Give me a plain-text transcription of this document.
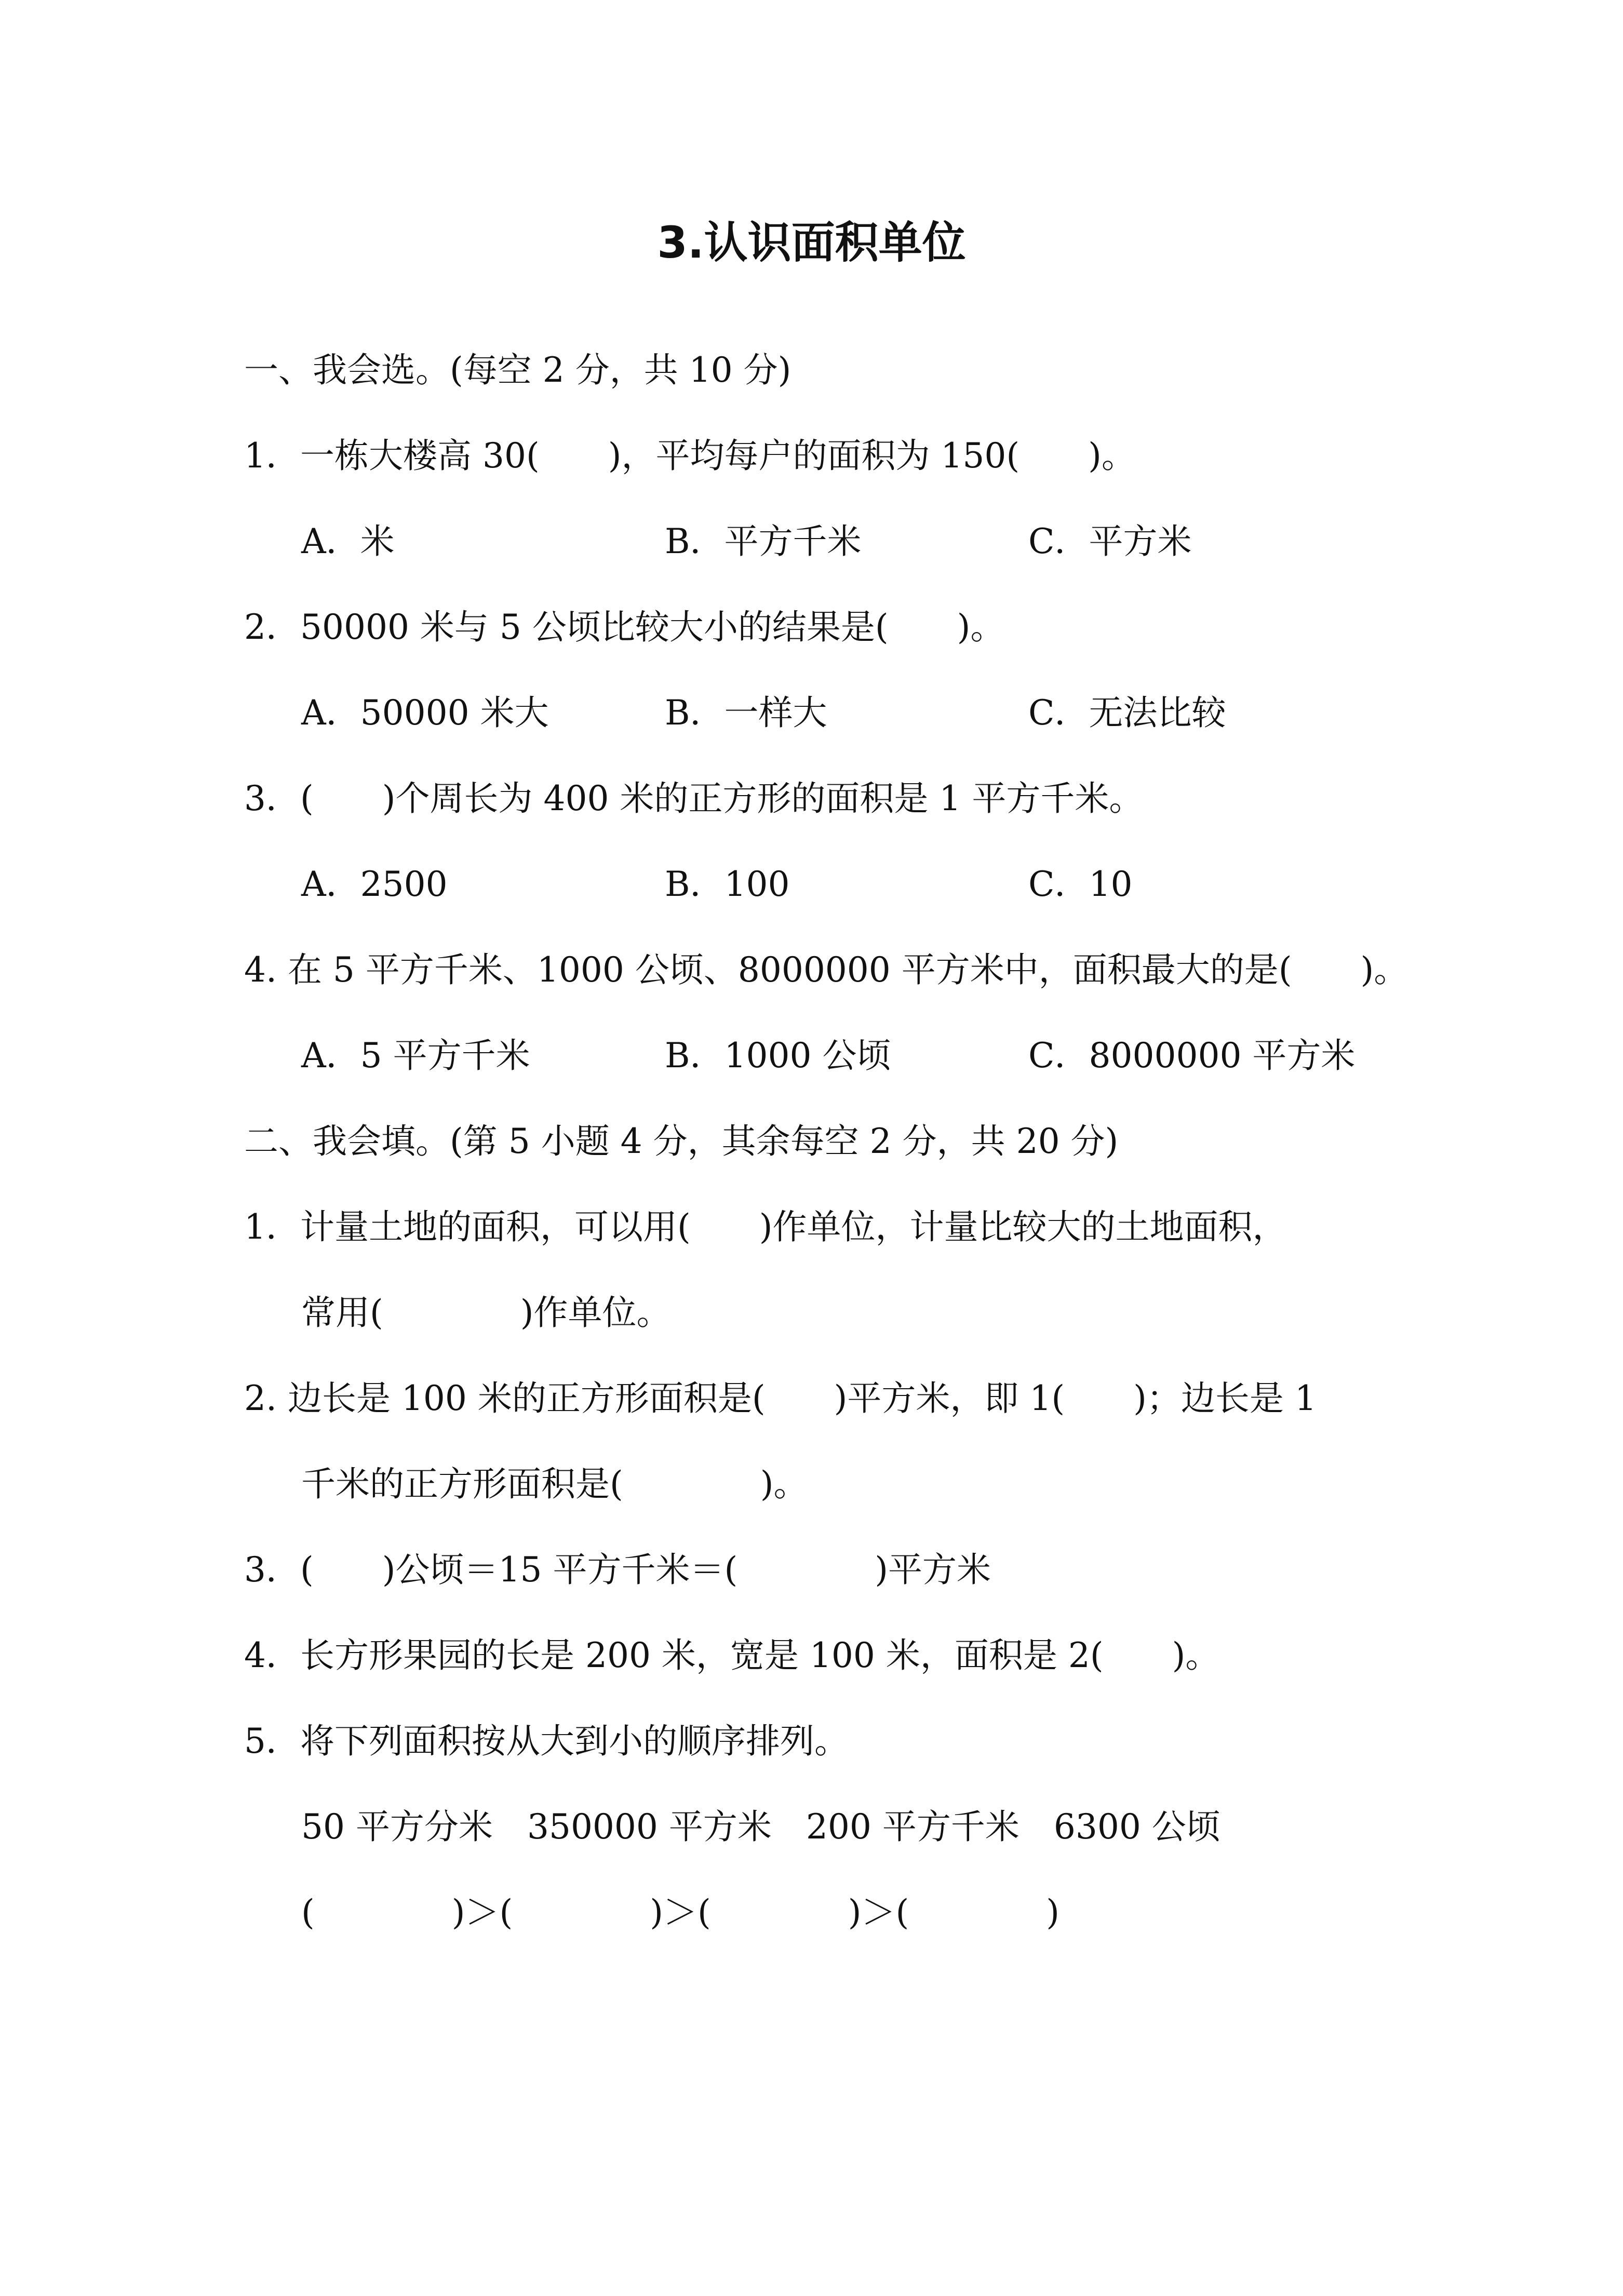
3.认识面积单位
一、我会选。(每空 2 分，共 10 分)
1．一栋大楼高 30(　　)，平均每户的面积为 150(　　)。

A．米

	B．平方千米

	C．平方米

2．50000 米与 5 公顷比较大小的结果是(　　)。

A．50000 米大

	B．一样大

	C．无法比较

3．(　　)个周长为 400 米的正方形的面积是 1 平方千米。

A．2500

	B．100

	C．10

4. 在 5 平方千米、1000 公顷、8000000 平方米中，面积最大的是(　　)。

A．5 平方千米

	B．1000 公顷

	C．8000000 平方米

二、我会填。(第 5 小题 4 分，其余每空 2 分，共 20 分)
1．计量土地的面积，可以用(　　)作单位，计量比较大的土地面积，
常用(　　　　)作单位。
2. 边长是 100 米的正方形面积是(　　)平方米，即 1(　　)；边长是 1
千米的正方形面积是(　　　　)。
3．(　　)公顷＝15 平方千米＝(　　　　)平方米
4．长方形果园的长是 200 米，宽是 100 米，面积是 2(　　)。
5．将下列面积按从大到小的顺序排列。
50 平方分米　350000 平方米　200 平方千米　6300 公顷
(　　　　)＞(　　　　)＞(　　　　)＞(　　　　)
